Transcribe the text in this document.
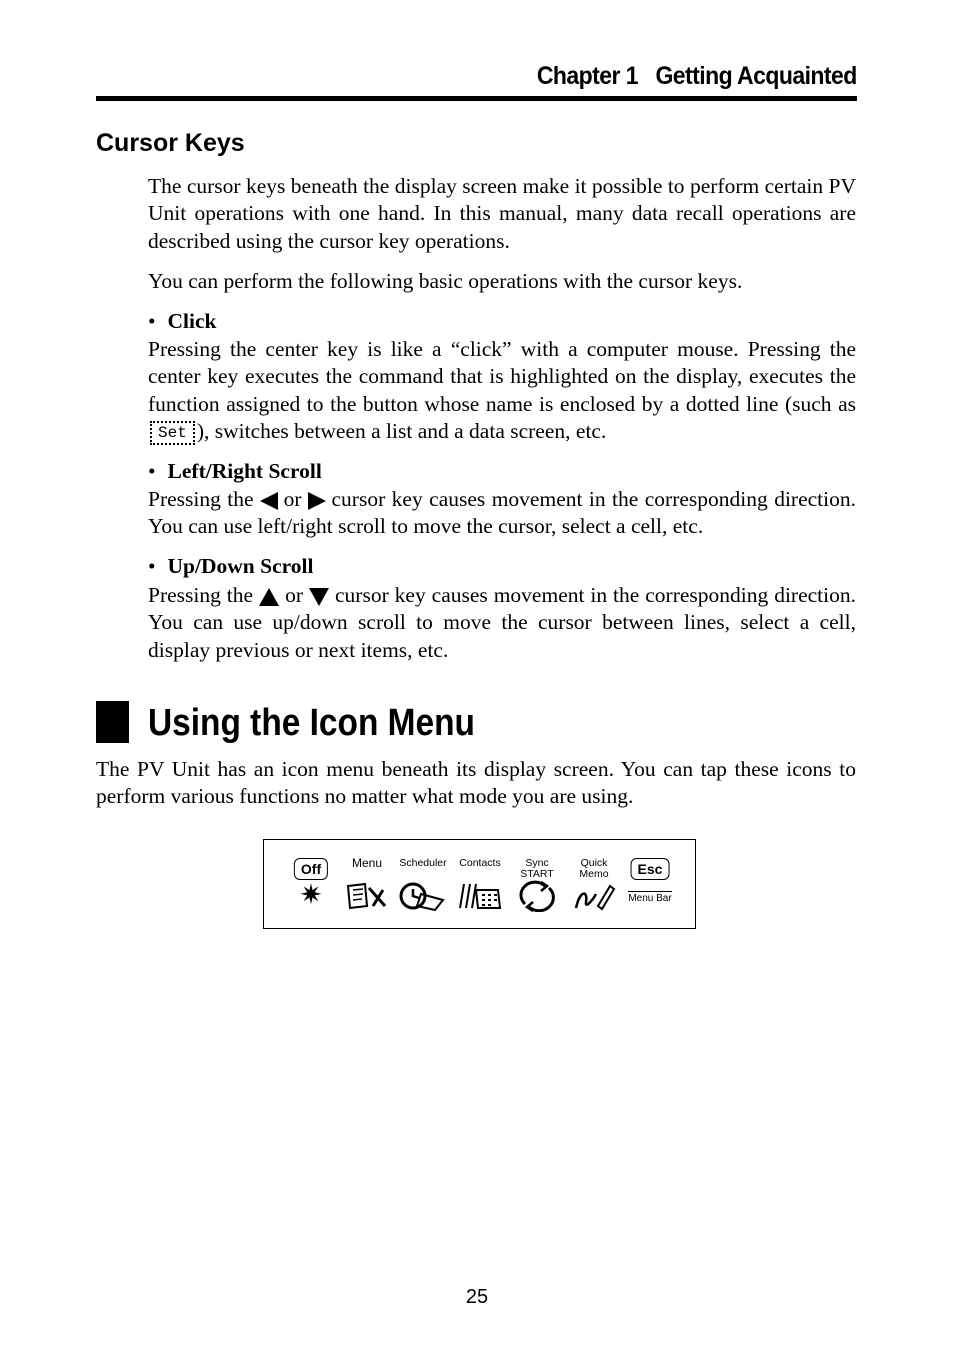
Chapter 1   Getting Acquainted
Cursor Keys
The cursor keys beneath the display screen make it possible to perform certain PV Unit operations with one hand. In this manual, many data recall operations are described using the cursor key operations.
You can perform the following basic operations with the cursor keys.
• Click
Pressing the center key is like a “click” with a computer mouse. Pressing the center key executes the command that is highlighted on the display, executes the function assigned to the button whose name is enclosed by a dotted line (such as Set ), switches between a list and a data screen, etc.
• Left/Right Scroll
Pressing the or cursor key causes movement in the corresponding direction. You can use left/right scroll to move the cursor, select a cell, etc.
• Up/Down Scroll
Pressing the or cursor key causes movement in the corresponding direction. You can use up/down scroll to move the cursor between lines, select a cell, display previous or next items, etc.
Using the Icon Menu
The PV Unit has an icon menu beneath its display screen. You can tap these icons to perform various functions no matter what mode you are using.
Off
✷
Menu	Scheduler	Contacts	Sync
START
Quick
Memo	Esc
Menu Bar
25
